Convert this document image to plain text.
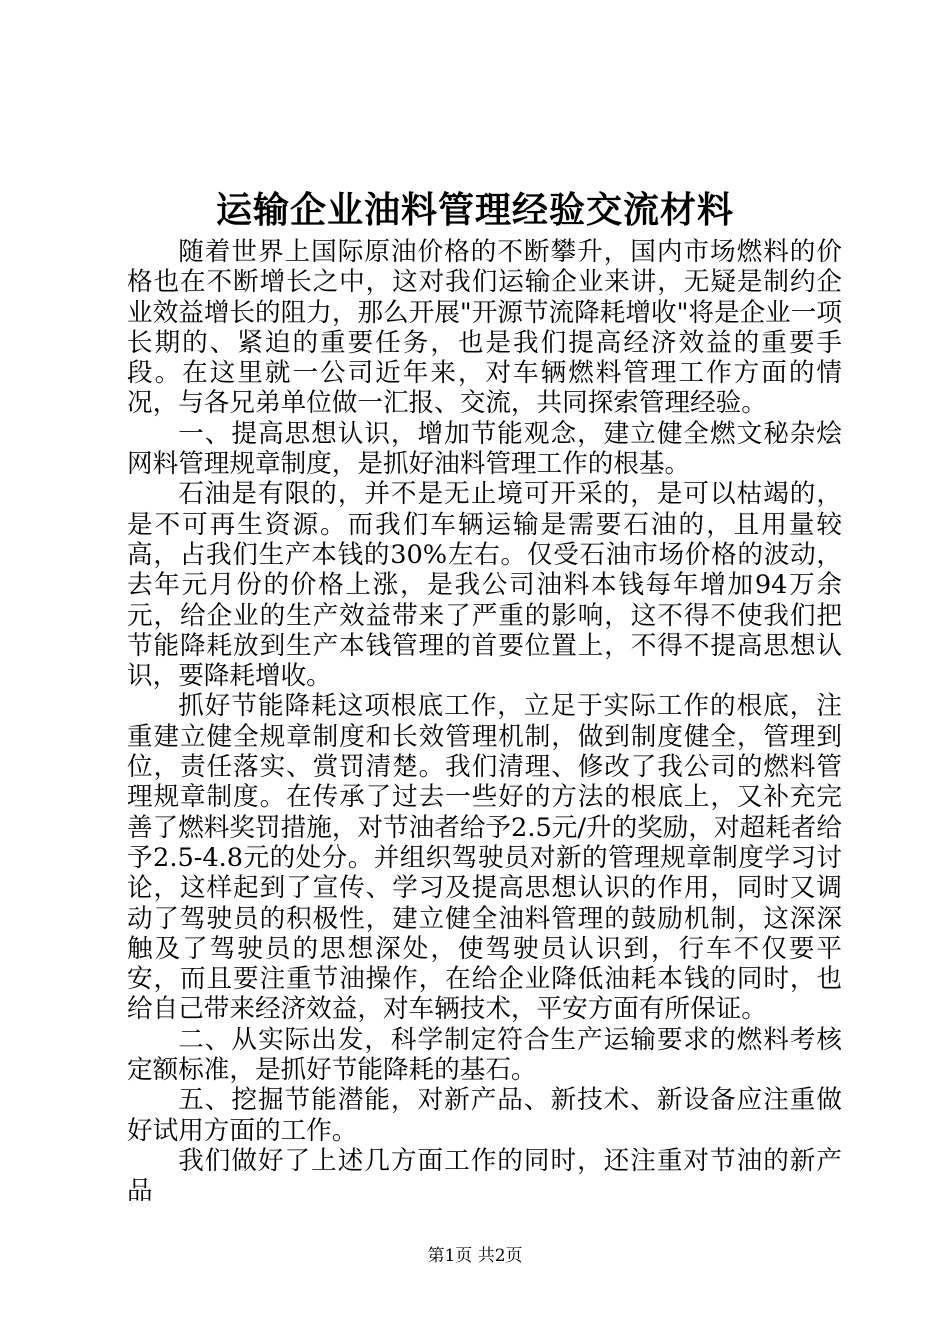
运输企业油料管理经验交流材料

随着世界上国际原油价格的不断攀升，国内市场燃料的价格也在不断增长之中，这对我们运输企业来讲，无疑是制约企业效益增长的阻力，那么开展"开源节流降耗增收"将是企业一项长期的、紧迫的重要任务，也是我们提高经济效益的重要手段。在这里就一公司近年来，对车辆燃料管理工作方面的情况，与各兄弟单位做一汇报、交流，共同探索管理经验。

一、提高思想认识，增加节能观念，建立健全燃文秘杂烩网料管理规章制度，是抓好油料管理工作的根基。

石油是有限的，并不是无止境可开采的，是可以枯竭的，是不可再生资源。而我们车辆运输是需要石油的，且用量较高，占我们生产本钱的30%左右。仅受石油市场价格的波动，去年元月份的价格上涨，是我公司油料本钱每年增加94万余元，给企业的生产效益带来了严重的影响，这不得不使我们把节能降耗放到生产本钱管理的首要位置上，不得不提高思想认识，要降耗增收。

抓好节能降耗这项根底工作，立足于实际工作的根底，注重建立健全规章制度和长效管理机制，做到制度健全，管理到位，责任落实、赏罚清楚。我们清理、修改了我公司的燃料管理规章制度。在传承了过去一些好的方法的根底上，又补充完善了燃料奖罚措施，对节油者给予2.5元/升的奖励，对超耗者给予2.5-4.8元的处分。并组织驾驶员对新的管理规章制度学习讨论，这样起到了宣传、学习及提高思想认识的作用，同时又调动了驾驶员的积极性，建立健全油料管理的鼓励机制，这深深触及了驾驶员的思想深处，使驾驶员认识到，行车不仅要平安，而且要注重节油操作，在给企业降低油耗本钱的同时，也给自己带来经济效益，对车辆技术，平安方面有所保证。

二、从实际出发，科学制定符合生产运输要求的燃料考核定额标准，是抓好节能降耗的基石。

五、挖掘节能潜能，对新产品、新技术、新设备应注重做好试用方面的工作。

我们做好了上述几方面工作的同时，还注重对节油的新产品

第1页 共2页
